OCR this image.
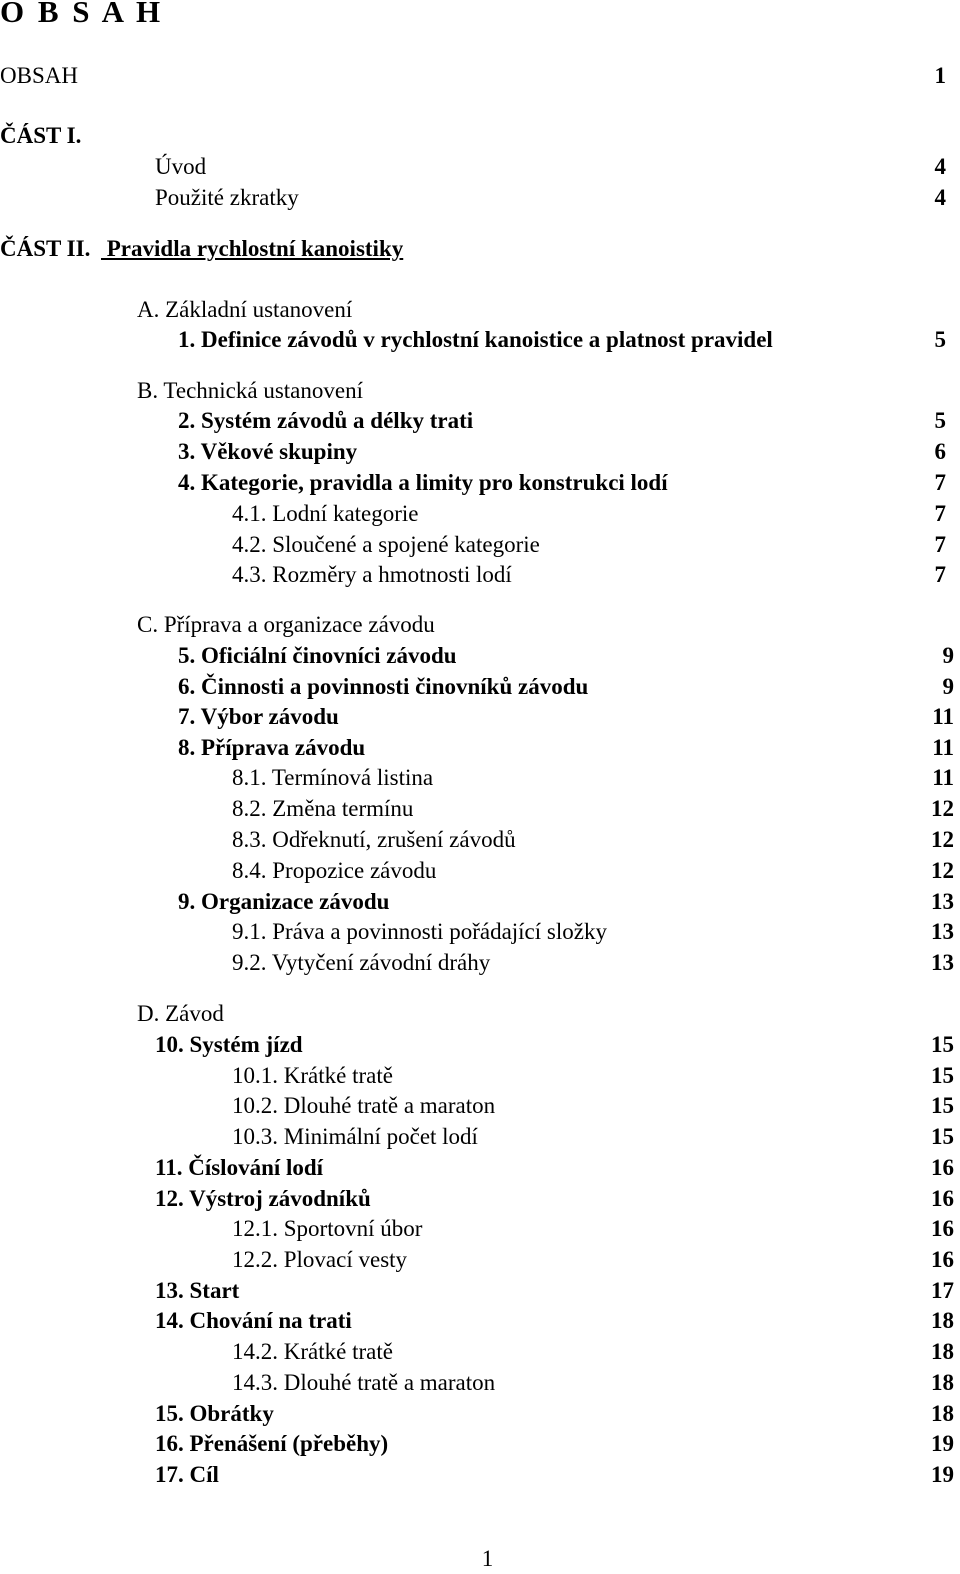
O B S A H
OBSAH	1
ČÁST I.
Úvod	4
Použité zkratky	4
ČÁST II. Pravidla rychlostní kanoistiky
A. Základní ustanovení
1. Definice závodů v rychlostní kanoistice a platnost pravidel	5
B. Technická ustanovení
2. Systém závodů a délky trati	5
3. Věkové skupiny	6
4. Kategorie, pravidla a limity pro konstrukci lodí	7
4.1. Lodní kategorie	7
4.2. Sloučené a spojené kategorie	7
4.3. Rozměry a hmotnosti lodí	7
C. Příprava a organizace závodu
5. Oficiální činovníci závodu	9
6. Činnosti a povinnosti činovníků závodu	9
7. Výbor závodu	11
8. Příprava závodu	11
8.1. Termínová listina	11
8.2. Změna termínu	12
8.3. Odřeknutí, zrušení závodů	12
8.4. Propozice závodu	12
9. Organizace závodu	13
9.1. Práva a povinnosti pořádající složky	13
9.2. Vytyčení závodní dráhy	13
D. Závod
10. Systém jízd	15
10.1. Krátké tratě	15
10.2. Dlouhé tratě a maraton	15
10.3. Minimální počet lodí	15
11. Číslování lodí	16
12. Výstroj závodníků	16
12.1. Sportovní úbor	16
12.2. Plovací vesty	16
13. Start	17
14. Chování na trati	18
14.2. Krátké tratě	18
14.3. Dlouhé tratě a maraton	18
15. Obrátky	18
16. Přenášení (přeběhy)	19
17. Cíl	19
1
